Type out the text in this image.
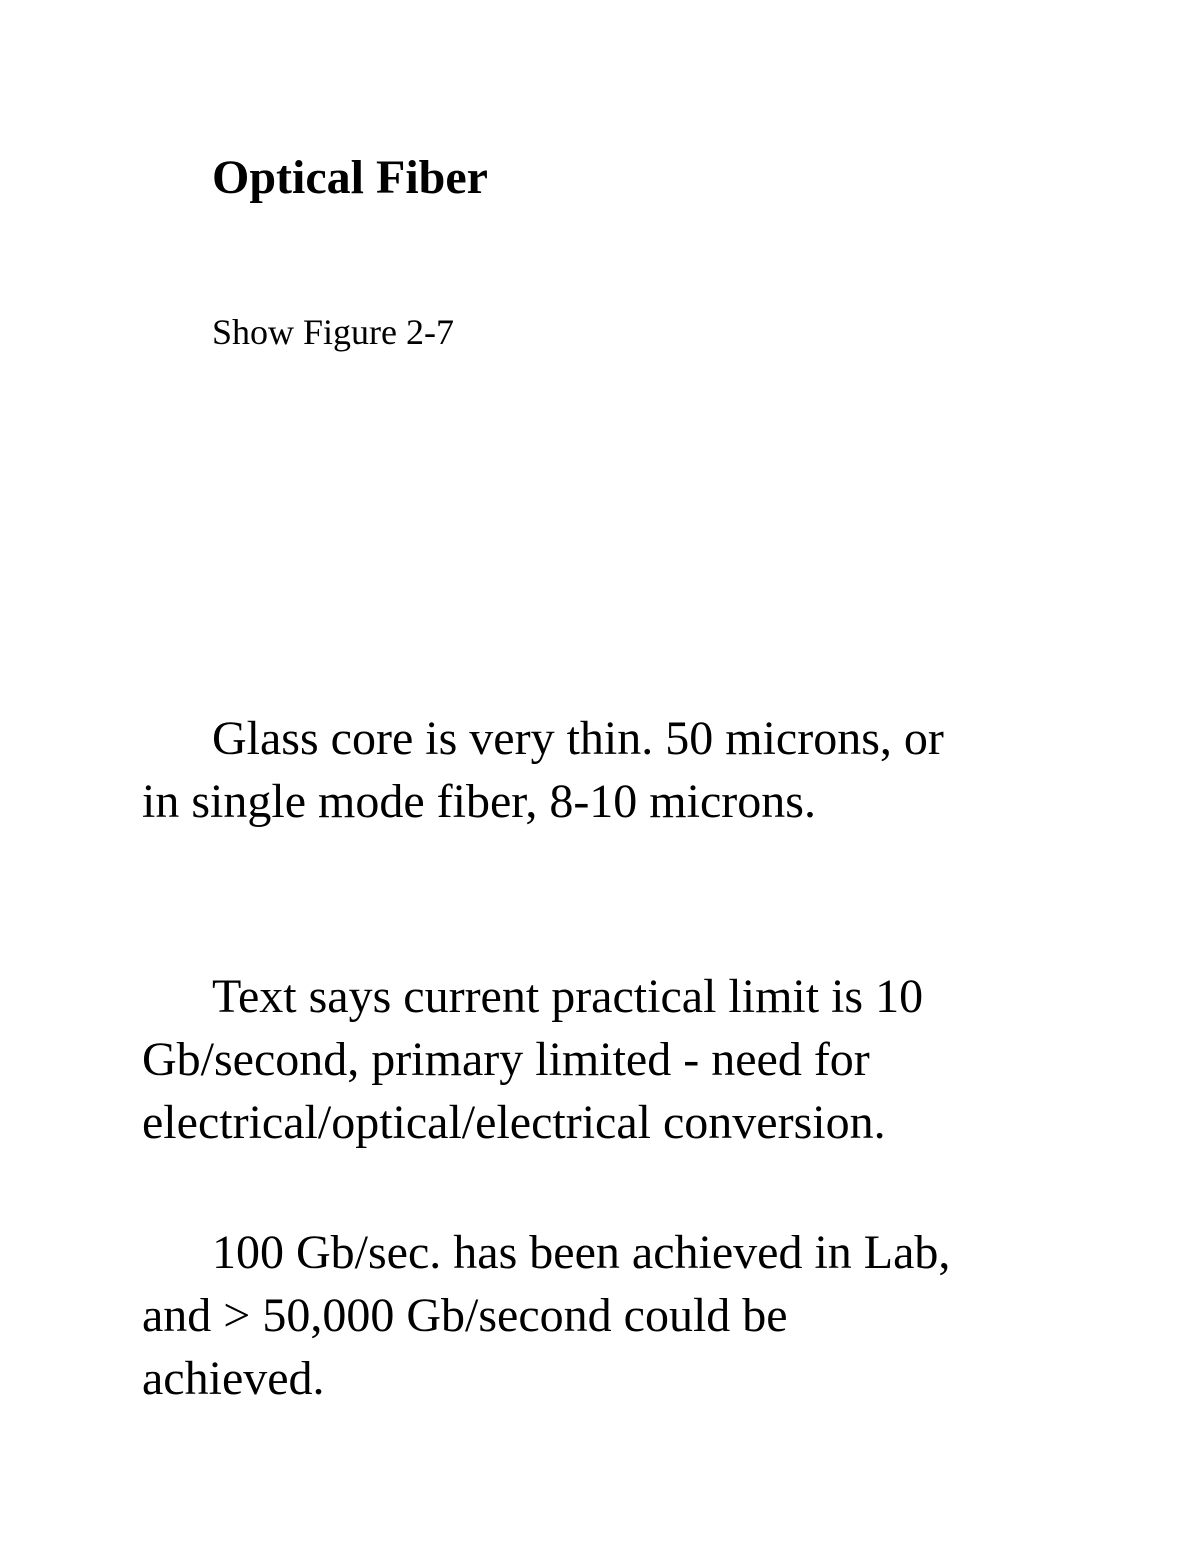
Optical Fiber

Show Figure 2-7

Glass core is very thin. 50 microns, or
in single mode fiber, 8-10 microns.

Text says current practical limit is 10
Gb/second, primary limited - need for
electrical/optical/electrical conversion.

100 Gb/sec. has been achieved in Lab,
and > 50,000 Gb/second could be
achieved.
